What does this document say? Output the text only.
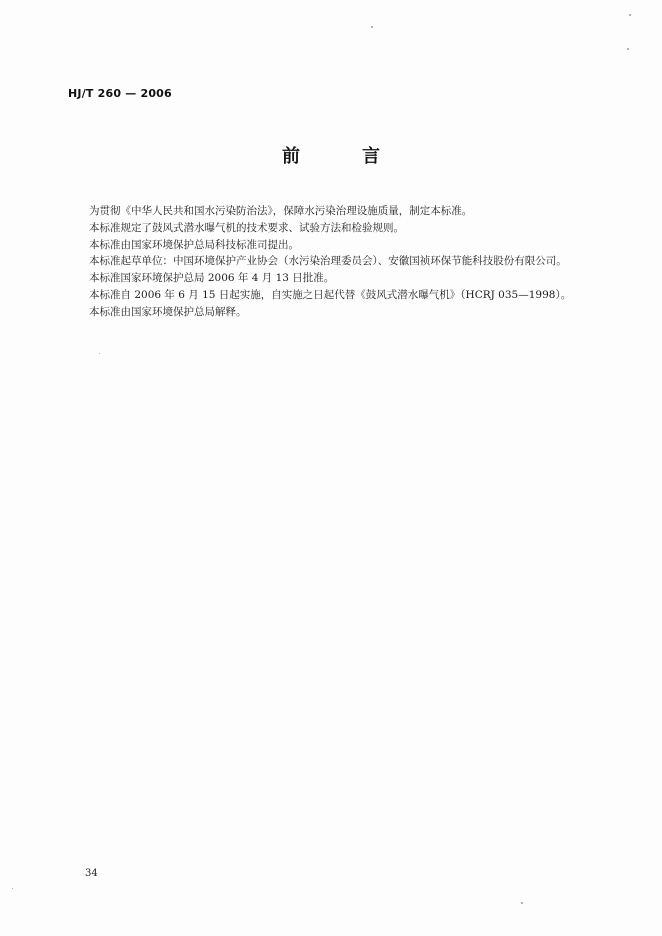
HJ/T 260 — 2006
前　言

为贯彻《中华人民共和国水污染防治法》，保障水污染治理设施质量，制定本标准。

本标准规定了鼓风式潜水曝气机的技术要求、试验方法和检验规则。

本标准由国家环境保护总局科技标准司提出。

本标准起草单位：中国环境保护产业协会（水污染治理委员会）、安徽国祯环保节能科技股份有限公司。

本标准国家环境保护总局 2006 年 4 月 13 日批准。

本标准自 2006 年 6 月 15 日起实施，自实施之日起代替《鼓风式潜水曝气机》（HCRJ 035—1998）。

本标准由国家环境保护总局解释。

34
